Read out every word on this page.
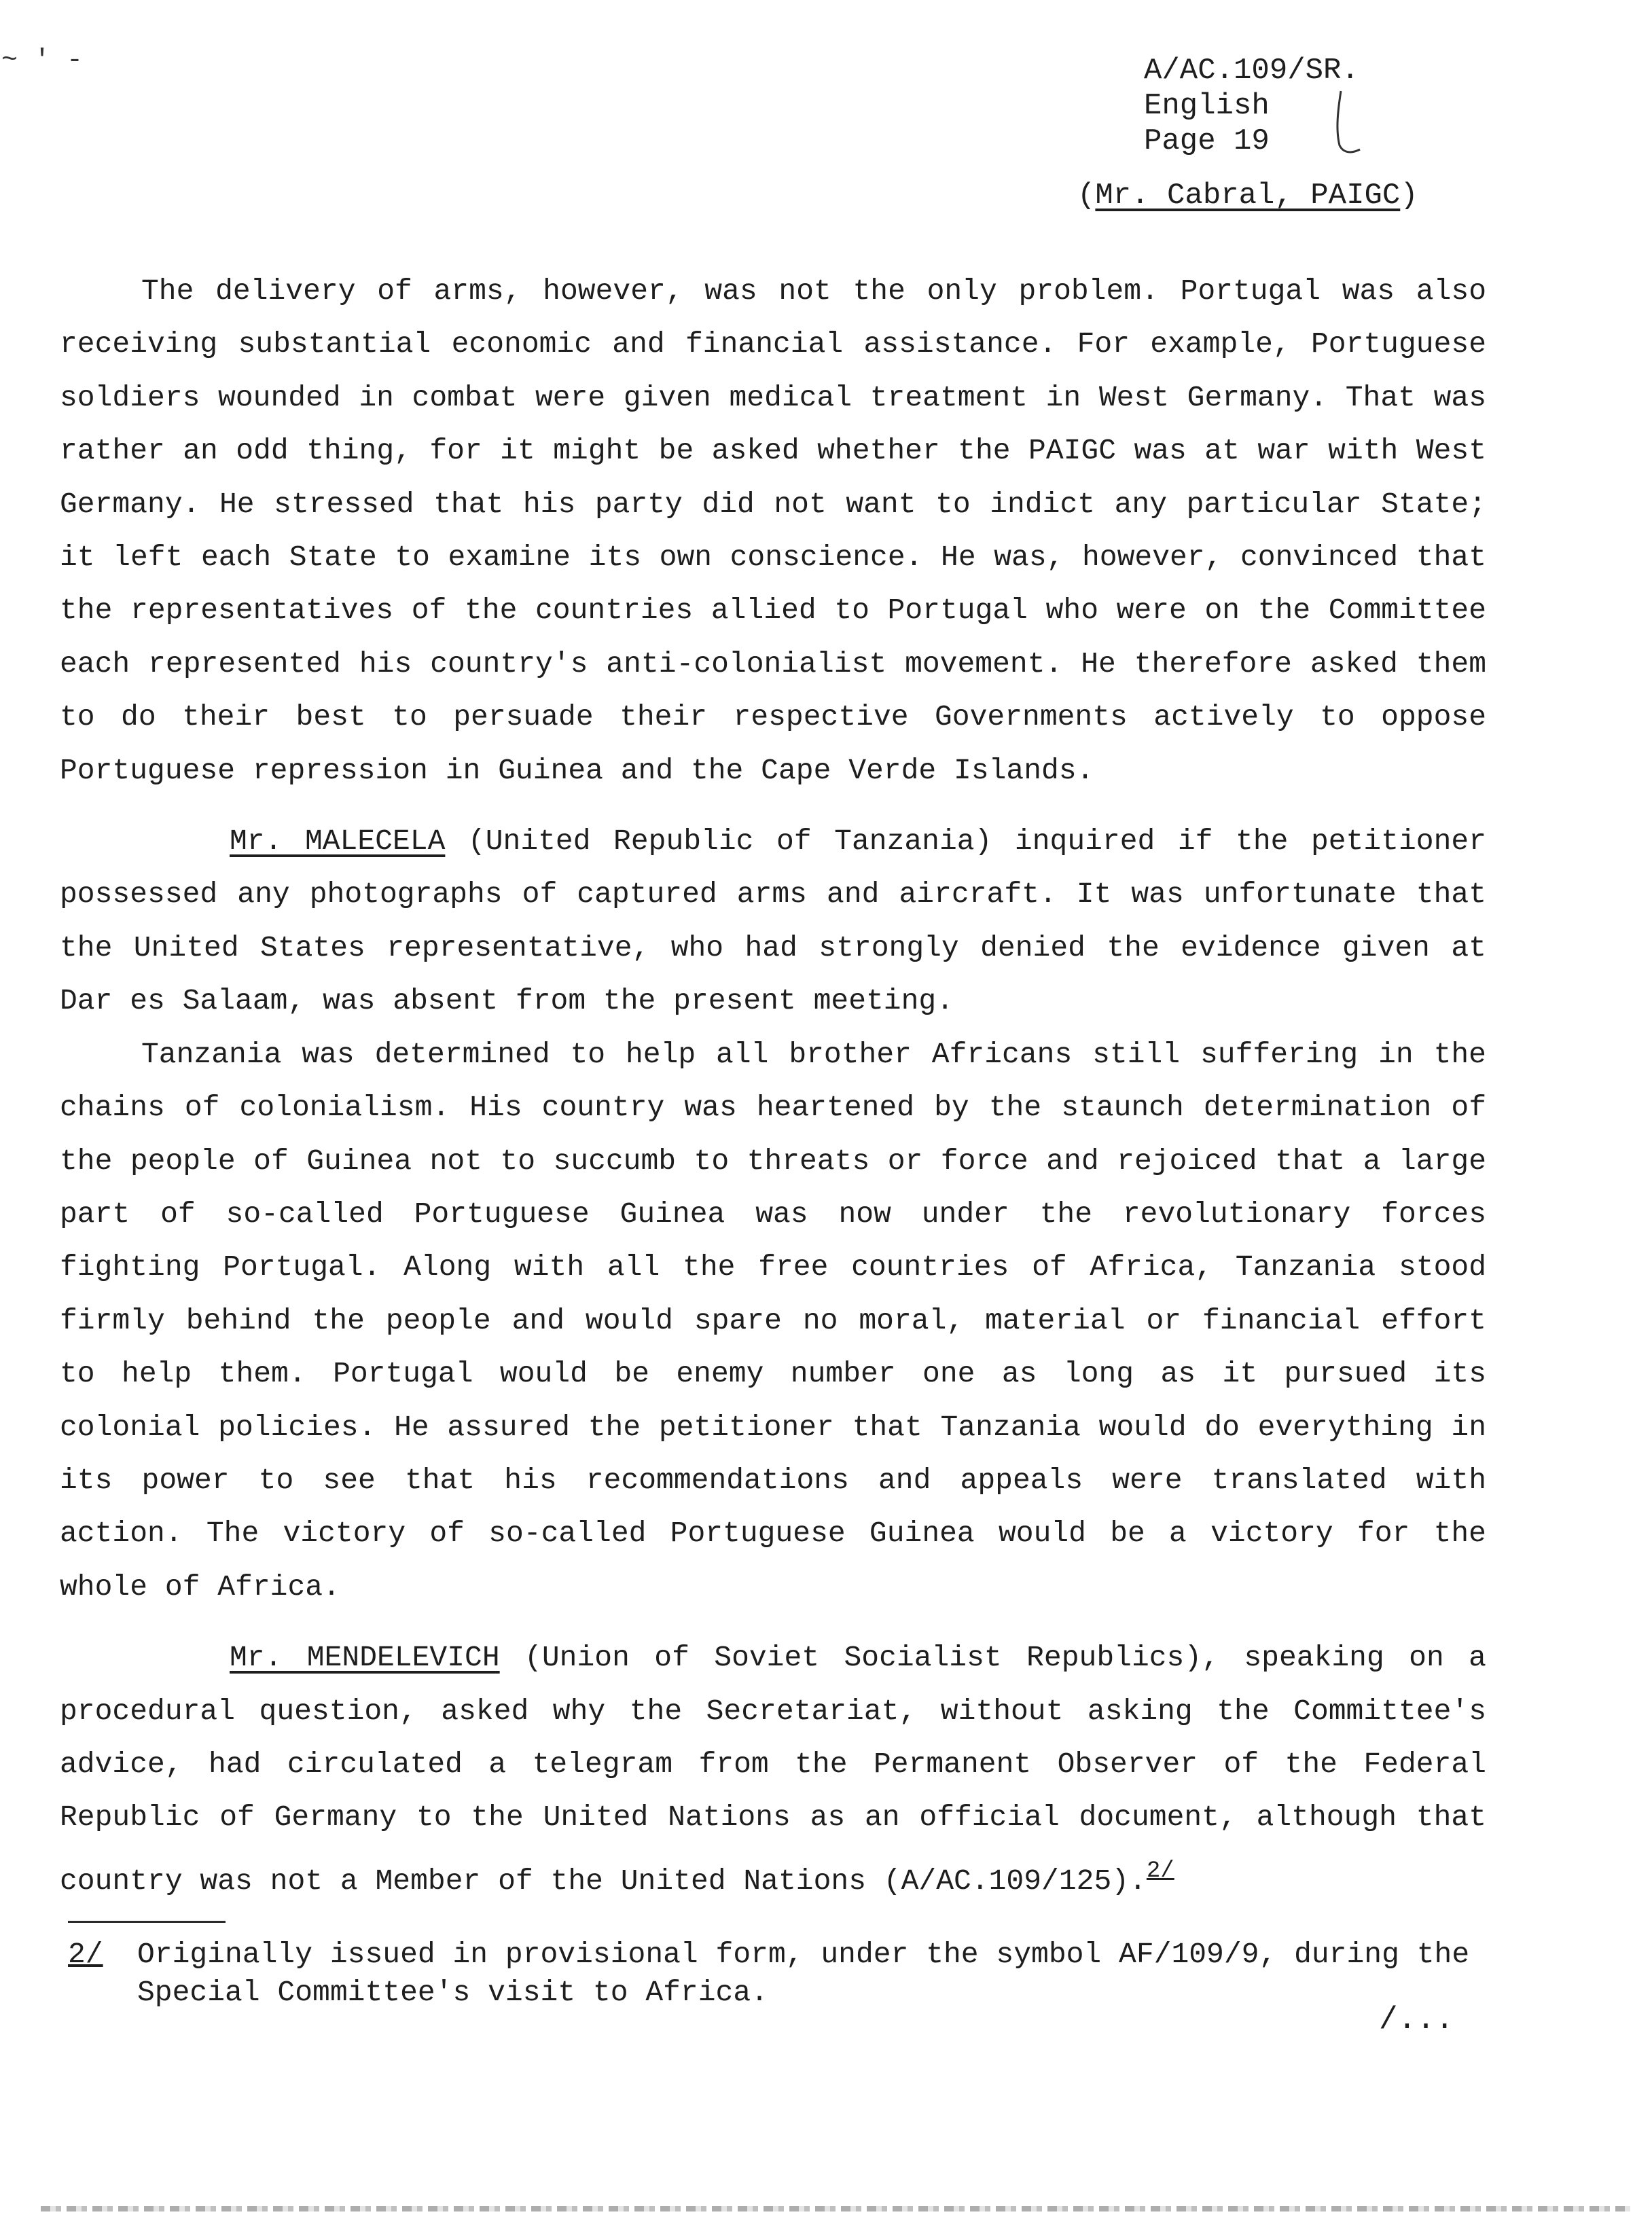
~ ' -	A/AC.109/SR.
English
Page 19
(Mr. Cabral, PAIGC)

The delivery of arms, however, was not the only problem. Portugal was also receiving substantial economic and financial assistance. For example, Portuguese soldiers wounded in combat were given medical treatment in West Germany. That was rather an odd thing, for it might be asked whether the PAIGC was at war with West Germany. He stressed that his party did not want to indict any particular State; it left each State to examine its own conscience. He was, however, convinced that the representatives of the countries allied to Portugal who were on the Committee each represented his country's anti-colonialist movement. He therefore asked them to do their best to persuade their respective Governments actively to oppose Portuguese repression in Guinea and the Cape Verde Islands.

Mr. MALECELA (United Republic of Tanzania) inquired if the petitioner possessed any photographs of captured arms and aircraft. It was unfortunate that the United States representative, who had strongly denied the evidence given at Dar es Salaam, was absent from the present meeting.

Tanzania was determined to help all brother Africans still suffering in the chains of colonialism. His country was heartened by the staunch determination of the people of Guinea not to succumb to threats or force and rejoiced that a large part of so-called Portuguese Guinea was now under the revolutionary forces fighting Portugal. Along with all the free countries of Africa, Tanzania stood firmly behind the people and would spare no moral, material or financial effort to help them. Portugal would be enemy number one as long as it pursued its colonial policies. He assured the petitioner that Tanzania would do everything in its power to see that his recommendations and appeals were translated with action. The victory of so-called Portuguese Guinea would be a victory for the whole of Africa.

Mr. MENDELEVICH (Union of Soviet Socialist Republics), speaking on a procedural question, asked why the Secretariat, without asking the Committee's advice, had circulated a telegram from the Permanent Observer of the Federal Republic of Germany to the United Nations as an official document, although that country was not a Member of the United Nations (A/AC.109/125).$^{2/}$

2/ Originally issued in provisional form, under the symbol AF/109/9, during the Special Committee's visit to Africa.
/...
